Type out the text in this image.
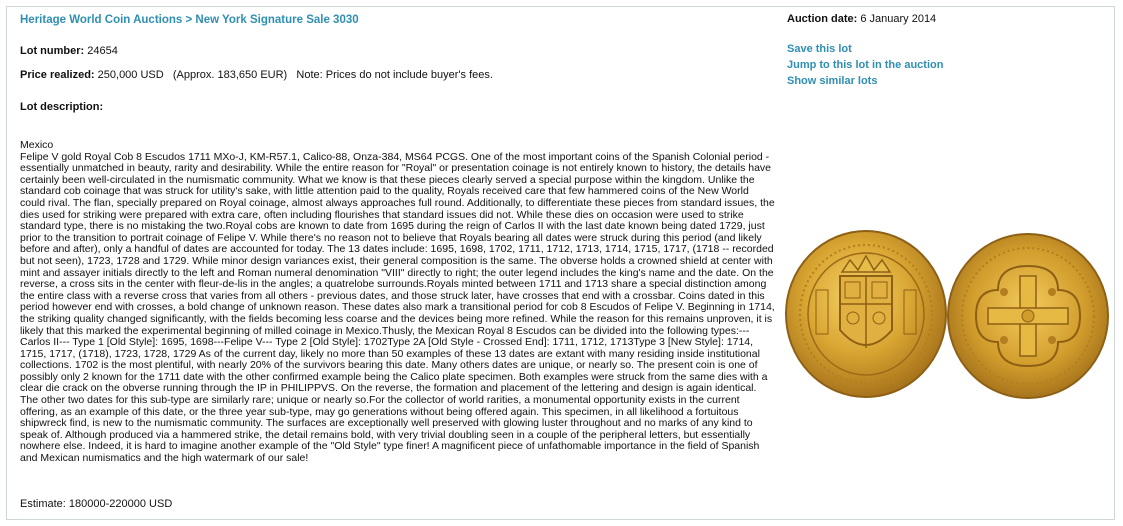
Heritage World Coin Auctions > New York Signature Sale 3030
Lot number: 24654
Price realized: 250,000 USD (Approx. 183,650 EUR) Note: Prices do not include buyer's fees.
Lot description:

Mexico

Felipe V gold Royal Cob 8 Escudos 1711 MXo-J, KM-R57.1, Calico-88, Onza-384, MS64 PCGS. One of the most important coins of the Spanish Colonial period - essentially unmatched in beauty, rarity and desirability. While the entire reason for "Royal" or presentation coinage is not entirely known to history, the details have certainly been well-circulated in the numismatic community. What we know is that these pieces clearly served a special purpose within the kingdom. Unlike the standard cob coinage that was struck for utility's sake, with little attention paid to the quality, Royals received care that few hammered coins of the New World could rival. The flan, specially prepared on Royal coinage, almost always approaches full round. Additionally, to differentiate these pieces from standard issues, the dies used for striking were prepared with extra care, often including flourishes that standard issues did not. While these dies on occasion were used to strike standard type, there is no mistaking the two.Royal cobs are known to date from 1695 during the reign of Carlos II with the last date known being dated 1729, just prior to the transition to portrait coinage of Felipe V. While there's no reason not to believe that Royals bearing all dates were struck during this period (and likely before and after), only a handful of dates are accounted for today. The 13 dates include: 1695, 1698, 1702, 1711, 1712, 1713, 1714, 1715, 1717, (1718 -- recorded but not seen), 1723, 1728 and 1729. While minor design variances exist, their general composition is the same. The obverse holds a crowned shield at center with mint and assayer initials directly to the left and Roman numeral denomination "VIII" directly to right; the outer legend includes the king's name and the date. On the reverse, a cross sits in the center with fleur-de-lis in the angles; a quatrelobe surrounds.Royals minted between 1711 and 1713 share a special distinction among the entire class with a reverse cross that varies from all others - previous dates, and those struck later, have crosses that end with a crossbar. Coins dated in this period however end with crosses, a bold change of unknown reason. These dates also mark a transitional period for cob 8 Escudos of Felipe V. Beginning in 1714, the striking quality changed significantly, with the fields becoming less coarse and the devices being more refined. While the reason for this remains unproven, it is likely that this marked the experimental beginning of milled coinage in Mexico.Thusly, the Mexican Royal 8 Escudos can be divided into the following types:---Carlos II--- Type 1 [Old Style]: 1695, 1698---Felipe V--- Type 2 [Old Style]: 1702Type 2A [Old Style - Crossed End]: 1711, 1712, 1713Type 3 [New Style]: 1714, 1715, 1717, (1718), 1723, 1728, 1729 As of the current day, likely no more than 50 examples of these 13 dates are extant with many residing inside institutional collections. 1702 is the most plentiful, with nearly 20% of the survivors bearing this date. Many others dates are unique, or nearly so. The present coin is one of possibly only 2 known for the 1711 date with the other confirmed example being the Calico plate specimen. Both examples were struck from the same dies with a clear die crack on the obverse running through the IP in PHILIPPVS. On the reverse, the formation and placement of the lettering and design is again identical. The other two dates for this sub-type are similarly rare; unique or nearly so.For the collector of world rarities, a monumental opportunity exists in the current offering, as an example of this date, or the three year sub-type, may go generations without being offered again. This specimen, in all likelihood a fortuitous shipwreck find, is new to the numismatic community. The surfaces are exceptionally well preserved with glowing luster throughout and no marks of any kind to speak of. Although produced via a hammered strike, the detail remains bold, with very trivial doubling seen in a couple of the peripheral letters, but essentially nowhere else. Indeed, it is hard to imagine another example of the "Old Style" type finer! A magnificent piece of unfathomable importance in the field of Spanish and Mexican numismatics and the high watermark of our sale!

Estimate: 180000-220000 USD
Auction date: 6 January 2014
Save this lot
Jump to this lot in the auction
Show similar lots
